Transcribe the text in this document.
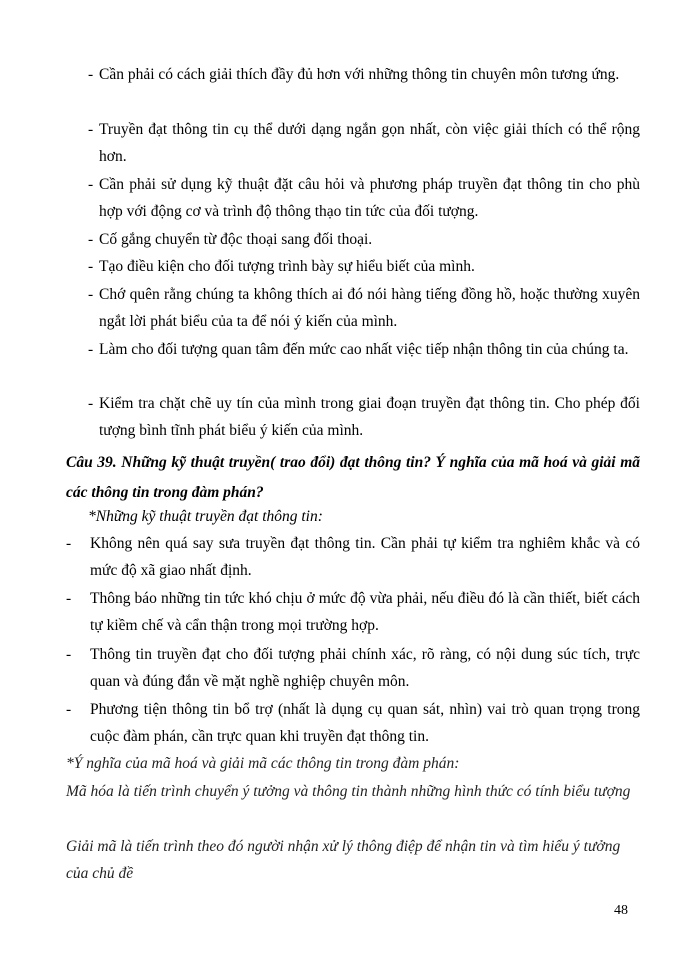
- Cần phải có cách giải thích đầy đủ hơn với những thông tin chuyên môn tương ứng.
- Truyền đạt thông tin cụ thể dưới dạng ngắn gọn nhất, còn việc giải thích có thể rộng hơn.
- Cần phải sử dụng kỹ thuật đặt câu hỏi và phương pháp truyền đạt thông tin cho phù hợp với động cơ và trình độ thông thạo tin tức của đối tượng.
- Cố gắng chuyển từ độc thoại sang đối thoại.
- Tạo điều kiện cho đối tượng trình bày sự hiểu biết của mình.
- Chớ quên rằng chúng ta không thích ai đó nói hàng tiếng đồng hồ, hoặc thường xuyên ngắt lời phát biểu của ta để nói ý kiến của mình.
- Làm cho đối tượng quan tâm đến mức cao nhất việc tiếp nhận thông tin của chúng ta.
- Kiểm tra chặt chẽ uy tín của mình trong giai đoạn truyền đạt thông tin. Cho phép đối tượng bình tĩnh phát biểu ý kiến của mình.
Câu 39. Những kỹ thuật truyền( trao đổi) đạt thông tin? Ý nghĩa của mã hoá và giải mã các thông tin trong đàm phán?
*Những kỹ thuật truyền đạt thông tin:
-	Không nên quá say sưa truyền đạt thông tin. Cần phải tự kiểm tra nghiêm khắc và có mức độ xã giao nhất định.
-	Thông báo những tin tức khó chịu ở mức độ vừa phải, nếu điều đó là cần thiết, biết cách tự kiềm chế và cẩn thận trong mọi trường hợp.
-	Thông tin truyền đạt cho đối tượng phải chính xác, rõ ràng, có nội dung súc tích, trực quan và đúng đắn về mặt nghề nghiệp chuyên môn.
-	Phương tiện thông tin bổ trợ (nhất là dụng cụ quan sát, nhìn) vai trò quan trọng trong cuộc đàm phán, cần trực quan khi truyền đạt thông tin.
*Ý nghĩa của mã hoá và giải mã các thông tin trong đàm phán:
Mã hóa là tiến trình chuyển ý tưởng và thông tin thành những hình thức có tính biểu tượng
Giải mã là tiến trình theo đó người nhận xử lý thông điệp để nhận tin và tìm hiểu ý tưởng của chủ đề
48
